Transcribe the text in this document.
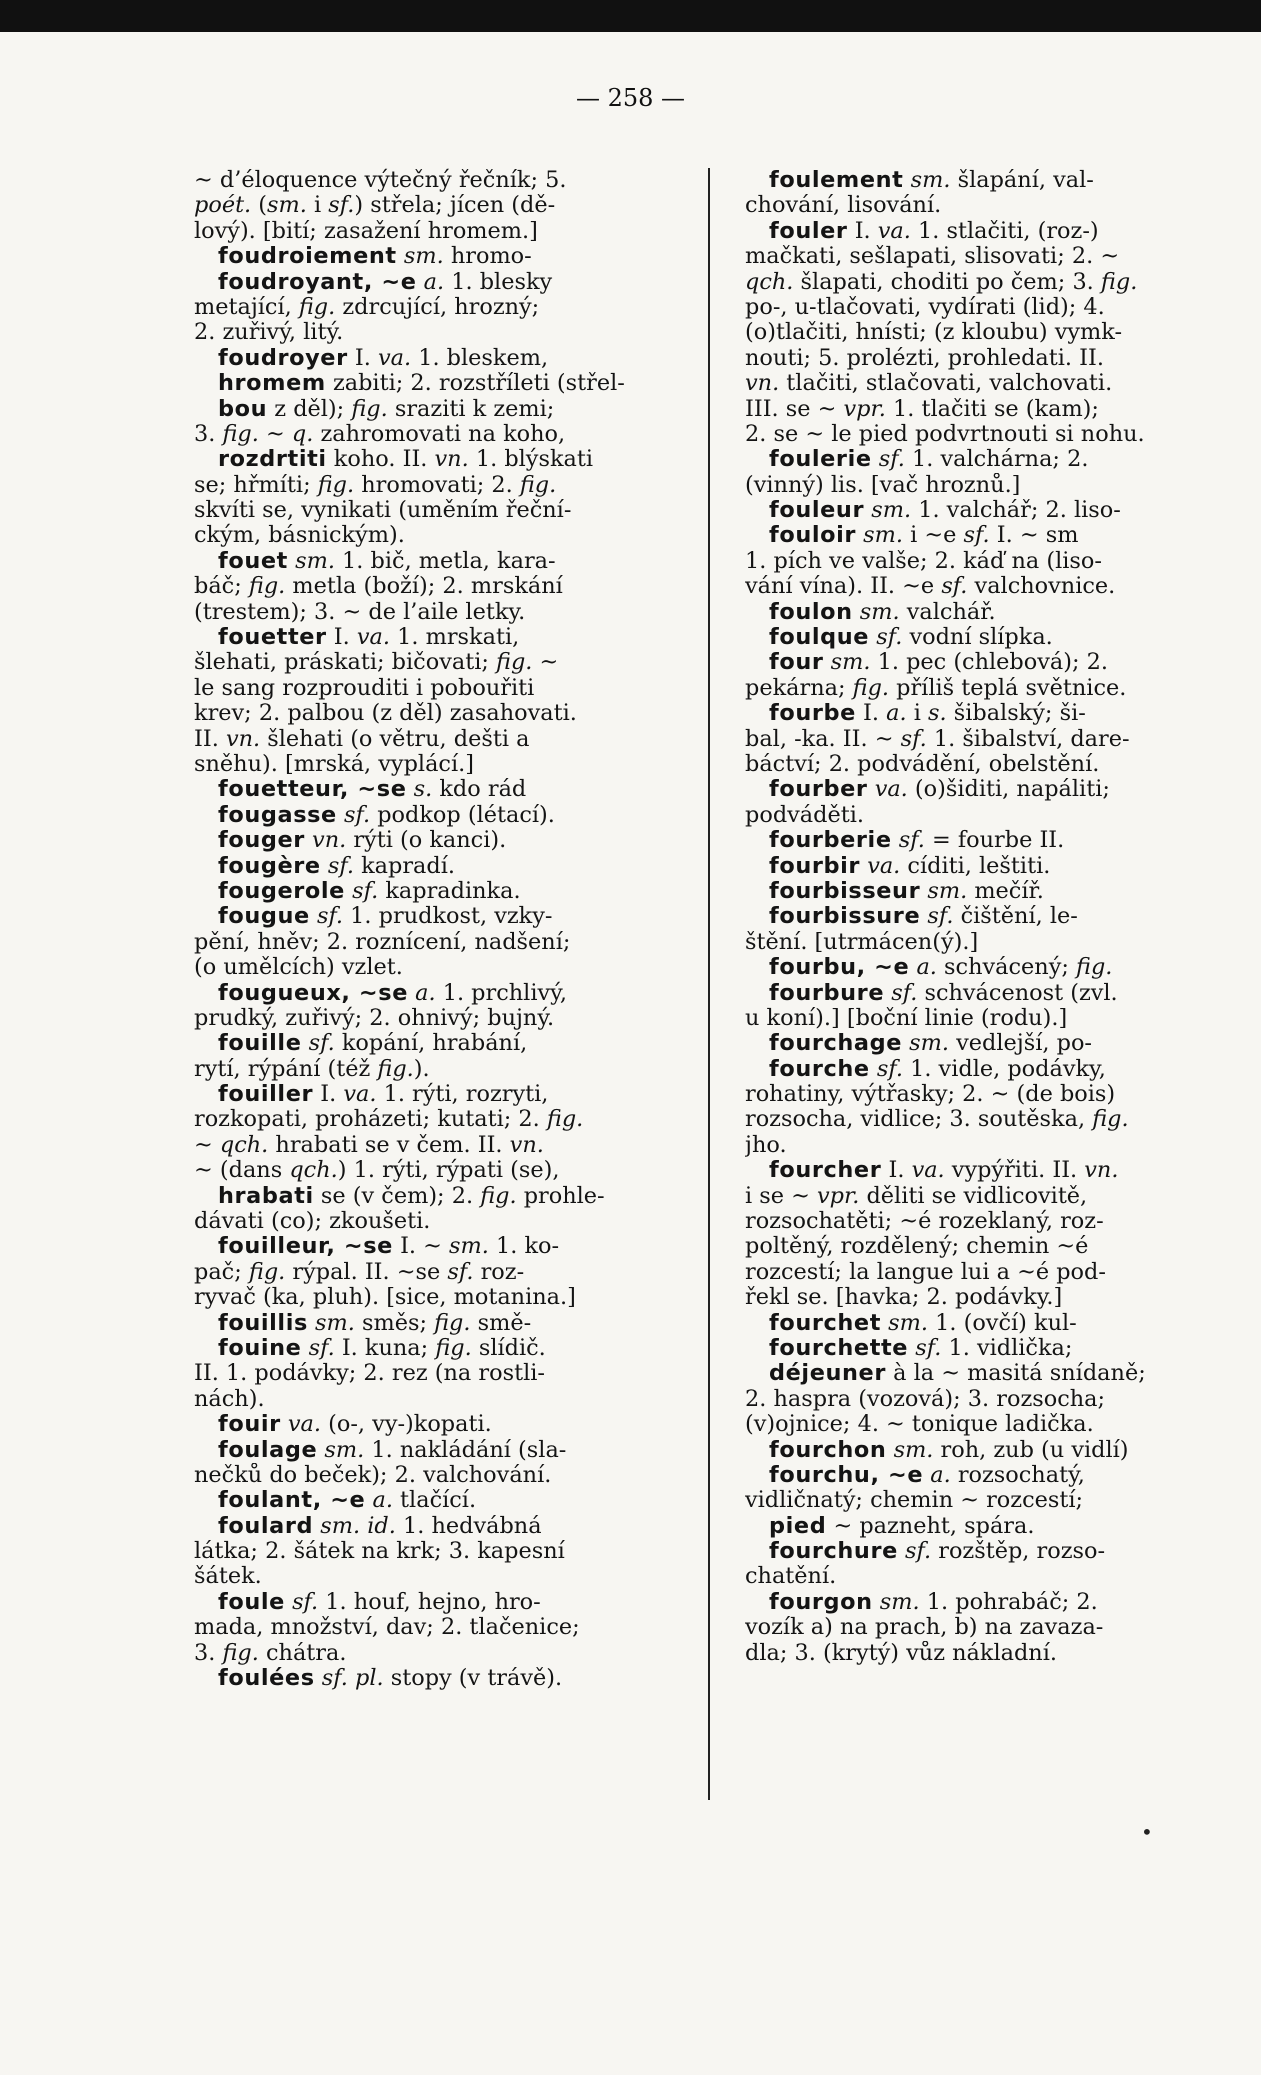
— 258 —
~ d’éloquence výtečný řečník; 5.
poét. (sm. i sf.) střela; jícen (dě-
lový). [bití; zasažení hromem.]
foudroiement sm. hromo-
foudroyant, ~e a. 1. blesky
metající, fig. zdrcující, hrozný;
2. zuřivý, litý.
foudroyer I. va. 1. bleskem,
hromem zabiti; 2. rozstříleti (střel-
bou z děl); fig. sraziti k zemi;
3. fig. ~ q. zahromovati na koho,
rozdrtiti koho. II. vn. 1. blýskati
se; hřmíti; fig. hromovati; 2. fig.
skvíti se, vynikati (uměním řeční-
ckým, básnickým).
fouet sm. 1. bič, metla, kara-
báč; fig. metla (boží); 2. mrskání
(trestem); 3. ~ de l’aile letky.
fouetter I. va. 1. mrskati,
šlehati, práskati; bičovati; fig. ~
le sang rozprouditi i pobouřiti
krev; 2. palbou (z děl) zasahovati.
II. vn. šlehati (o větru, dešti a
sněhu). [mrská, vyplácí.]
fouetteur, ~se s. kdo rád
fougasse sf. podkop (létací).
fouger vn. rýti (o kanci).
fougère sf. kapradí.
fougerole sf. kapradinka.
fougue sf. 1. prudkost, vzky-
pění, hněv; 2. roznícení, nadšení;
(o umělcích) vzlet.
fougueux, ~se a. 1. prchlivý,
prudký, zuřivý; 2. ohnivý; bujný.
fouille sf. kopání, hrabání,
rytí, rýpání (též fig.).
fouiller I. va. 1. rýti, rozryti,
rozkopati, proházeti; kutati; 2. fig.
~ qch. hrabati se v čem. II. vn.
~ (dans qch.) 1. rýti, rýpati (se),
hrabati se (v čem); 2. fig. prohle-
dávati (co); zkoušeti.
fouilleur, ~se I. ~ sm. 1. ko-
pač; fig. rýpal. II. ~se sf. roz-
ryvač (ka, pluh). [sice, motanina.]
fouillis sm. směs; fig. smě-
fouine sf. I. kuna; fig. slídič.
II. 1. podávky; 2. rez (na rostli-
nách).
fouir va. (o-, vy-)kopati.
foulage sm. 1. nakládání (sla-
nečků do beček); 2. valchování.
foulant, ~e a. tlačící.
foulard sm. id. 1. hedvábná
látka; 2. šátek na krk; 3. kapesní
šátek.
foule sf. 1. houf, hejno, hro-
mada, množství, dav; 2. tlačenice;
3. fig. chátra.
foulées sf. pl. stopy (v trávě).
foulement sm. šlapání, val-
chování, lisování.
fouler I. va. 1. stlačiti, (roz-)
mačkati, sešlapati, slisovati; 2. ~
qch. šlapati, choditi po čem; 3. fig.
po-, u-tlačovati, vydírati (lid); 4.
(o)tlačiti, hnísti; (z kloubu) vymk-
nouti; 5. prolézti, prohledati. II.
vn. tlačiti, stlačovati, valchovati.
III. se ~ vpr. 1. tlačiti se (kam);
2. se ~ le pied podvrtnouti si nohu.
foulerie sf. 1. valchárna; 2.
(vinný) lis. [vač hroznů.]
fouleur sm. 1. valchář; 2. liso-
fouloir sm. i ~e sf. I. ~ sm
1. pích ve valše; 2. káď na (liso-
vání vína). II. ~e sf. valchovnice.
foulon sm. valchář.
foulque sf. vodní slípka.
four sm. 1. pec (chlebová); 2.
pekárna; fig. příliš teplá světnice.
fourbe I. a. i s. šibalský; ši-
bal, -ka. II. ~ sf. 1. šibalství, dare-
báctví; 2. podvádění, obelstění.
fourber va. (o)šiditi, napáliti;
podváděti.
fourberie sf. = fourbe II.
fourbir va. cíditi, leštiti.
fourbisseur sm. mečíř.
fourbissure sf. čištění, le-
štění. [utrmácen(ý).]
fourbu, ~e a. schvácený; fig.
fourbure sf. schvácenost (zvl.
u koní).] [boční linie (rodu).]
fourchage sm. vedlejší, po-
fourche sf. 1. vidle, podávky,
rohatiny, výtřasky; 2. ~ (de bois)
rozsocha, vidlice; 3. soutěska, fig.
jho.
fourcher I. va. vypýřiti. II. vn.
i se ~ vpr. děliti se vidlicovitě,
rozsochatěti; ~é rozeklaný, roz-
poltěný, rozdělený; chemin ~é
rozcestí; la langue lui a ~é pod-
řekl se. [havka; 2. podávky.]
fourchet sm. 1. (ovčí) kul-
fourchette sf. 1. vidlička;
déjeuner à la ~ masitá snídaně;
2. haspra (vozová); 3. rozsocha;
(v)ojnice; 4. ~ tonique ladička.
fourchon sm. roh, zub (u vidlí)
fourchu, ~e a. rozsochatý,
vidličnatý; chemin ~ rozcestí;
pied ~ pazneht, spára.
fourchure sf. rozštěp, rozso-
chatění.
fourgon sm. 1. pohrabáč; 2.
vozík a) na prach, b) na zavaza-
dla; 3. (krytý) vůz nákladní.
•
